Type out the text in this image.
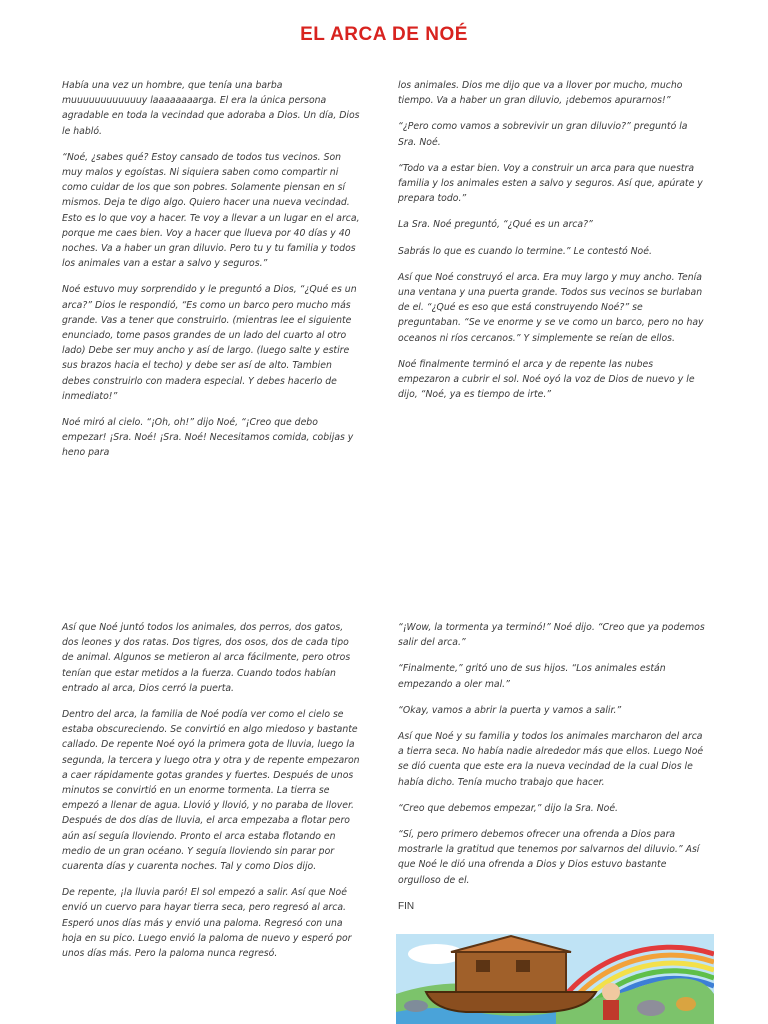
EL ARCA DE NOÉ

Había una vez un hombre, que tenía una barba muuuuuuuuuuuuy laaaaaaaarga. El era la única persona agradable en toda la vecindad que adoraba a Dios. Un día, Dios le habló.

“Noé, ¿sabes qué? Estoy cansado de todos tus vecinos. Son muy malos y egoístas. Ni siquiera saben como compartir ni como cuidar de los que son pobres. Solamente piensan en sí mismos. Deja te digo algo. Quiero hacer una nueva vecindad. Esto es lo que voy a hacer. Te voy a llevar a un lugar en el arca, porque me caes bien. Voy a hacer que llueva por 40 días y 40 noches. Va a haber un gran diluvio. Pero tu y tu familia y todos los animales van a estar a salvo y seguros.”

Noé estuvo muy sorprendido y le preguntó a Dios, “¿Qué es un arca?” Dios le respondió, “Es como un barco pero mucho más grande. Vas a tener que construirlo. (mientras lee el siguiente enunciado, tome pasos grandes de un lado del cuarto al otro lado) Debe ser muy ancho y así de largo. (luego salte y estire sus brazos hacia el techo) y debe ser así de alto. Tambien debes construirlo con madera especial. Y debes hacerlo de inmediato!”

Noé miró al cielo. “¡Oh, oh!” dijo Noé, “¡Creo que debo empezar! ¡Sra. Noé! ¡Sra. Noé! Necesitamos comida, cobijas y heno para

los animales. Dios me dijo que va a llover por mucho, mucho tiempo. Va a haber un gran diluvio, ¡debemos apurarnos!”

“¿Pero como vamos a sobrevivir un gran diluvio?” preguntó la Sra. Noé.

“Todo va a estar bien. Voy a construir un arca para que nuestra familia y los animales esten a salvo y seguros. Así que, apúrate y prepara todo.”

La Sra. Noé preguntó, “¿Qué es un arca?”

Sabrás lo que es cuando lo termine.” Le contestó Noé.

Así que Noé construyó el arca. Era muy largo y muy ancho. Tenía una ventana y una puerta grande. Todos sus vecinos se burlaban de el. “¿Qué es eso que está construyendo Noé?” se preguntaban. “Se ve enorme y se ve como un barco, pero no hay oceanos ni ríos cercanos.” Y simplemente se reían de ellos.

Noé finalmente terminó el arca y de repente las nubes empezaron a cubrir el sol. Noé oyó la voz de Dios de nuevo y le dijo, “Noé, ya es tiempo de irte.”

Así que Noé juntó todos los animales, dos perros, dos gatos, dos leones y dos ratas. Dos tigres, dos osos, dos de cada tipo de animal. Algunos se metieron al arca fácilmente, pero otros tenían que estar metidos a la fuerza. Cuando todos habían entrado al arca, Dios cerró la puerta.

Dentro del arca, la familia de Noé podía ver como el cielo se estaba obscureciendo. Se convirtió en algo miedoso y bastante callado. De repente Noé oyó la primera gota de lluvia, luego la segunda, la tercera y luego otra y otra y de repente empezaron a caer rápidamente gotas grandes y fuertes. Después de unos minutos se convirtió en un enorme tormenta. La tierra se empezó a llenar de agua. Llovió y llovió, y no paraba de llover. Después de dos días de lluvia, el arca empezaba a flotar pero aún así seguía lloviendo. Pronto el arca estaba flotando en medio de un gran océano. Y seguía lloviendo sin parar por cuarenta días y cuarenta noches. Tal y como Dios dijo.

De repente, ¡la lluvia paró! El sol empezó a salir. Así que Noé envió un cuervo para hayar tierra seca, pero regresó al arca. Esperó unos días más y envió una paloma. Regresó con una hoja en su pico. Luego envió la paloma de nuevo y esperó por unos días más. Pero la paloma nunca regresó.

“¡Wow, la tormenta ya terminó!” Noé dijo. “Creo que ya podemos salir del arca.”

“Finalmente,” gritó uno de sus hijos. “Los animales están empezando a oler mal.”

“Okay, vamos a abrir la puerta y vamos a salir.”

Así que Noé y su familia y todos los animales marcharon del arca a tierra seca. No había nadie alrededor más que ellos. Luego Noé se dió cuenta que este era la nueva vecindad de la cual Dios le había dicho. Tenía mucho trabajo que hacer.

“Creo que debemos empezar,” dijo la Sra. Noé.

“Sí, pero primero debemos ofrecer una ofrenda a Dios para mostrarle la gratitud que tenemos por salvarnos del diluvio.” Así que Noé le dió una ofrenda a Dios y Dios estuvo bastante orgulloso de el.

FIN
